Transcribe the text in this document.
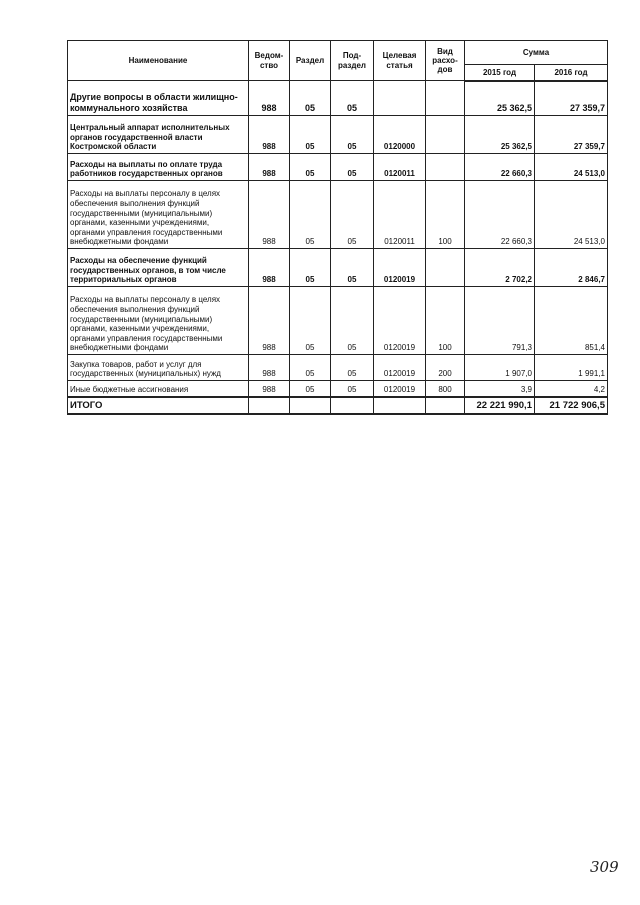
Наименование	Ведом-ство	Раздел	Под-раздел	Целевая статья	Вид расхо-дов	Сумма	
						2015 год	2016 год
Другие вопросы в области жилищно-коммунального хозяйства	988	05	05			25 362,5	27 359,7
Центральный аппарат исполнительных органов государственной власти Костромской области	988	05	05	0120000		25 362,5	27 359,7
Расходы на выплаты по оплате труда работников государственных органов	988	05	05	0120011		22 660,3	24 513,0
Расходы на выплаты персоналу в целях обеспечения выполнения функций государственными (муниципальными) органами, казенными учреждениями, органами управления государственными внебюджетными фондами	988	05	05	0120011	100	22 660,3	24 513,0
Расходы на обеспечение функций государственных органов, в том числе территориальных органов	988	05	05	0120019		2 702,2	2 846,7
Расходы на выплаты персоналу в целях обеспечения выполнения функций государственными (муниципальными) органами, казенными учреждениями, органами управления государственными внебюджетными фондами	988	05	05	0120019	100	791,3	851,4
Закупка товаров, работ и услуг для государственных (муниципальных) нужд	988	05	05	0120019	200	1 907,0	1 991,1
Иные бюджетные ассигнования	988	05	05	0120019	800	3,9	4,2
ИТОГО						22 221 990,1	21 722 906,5
309
